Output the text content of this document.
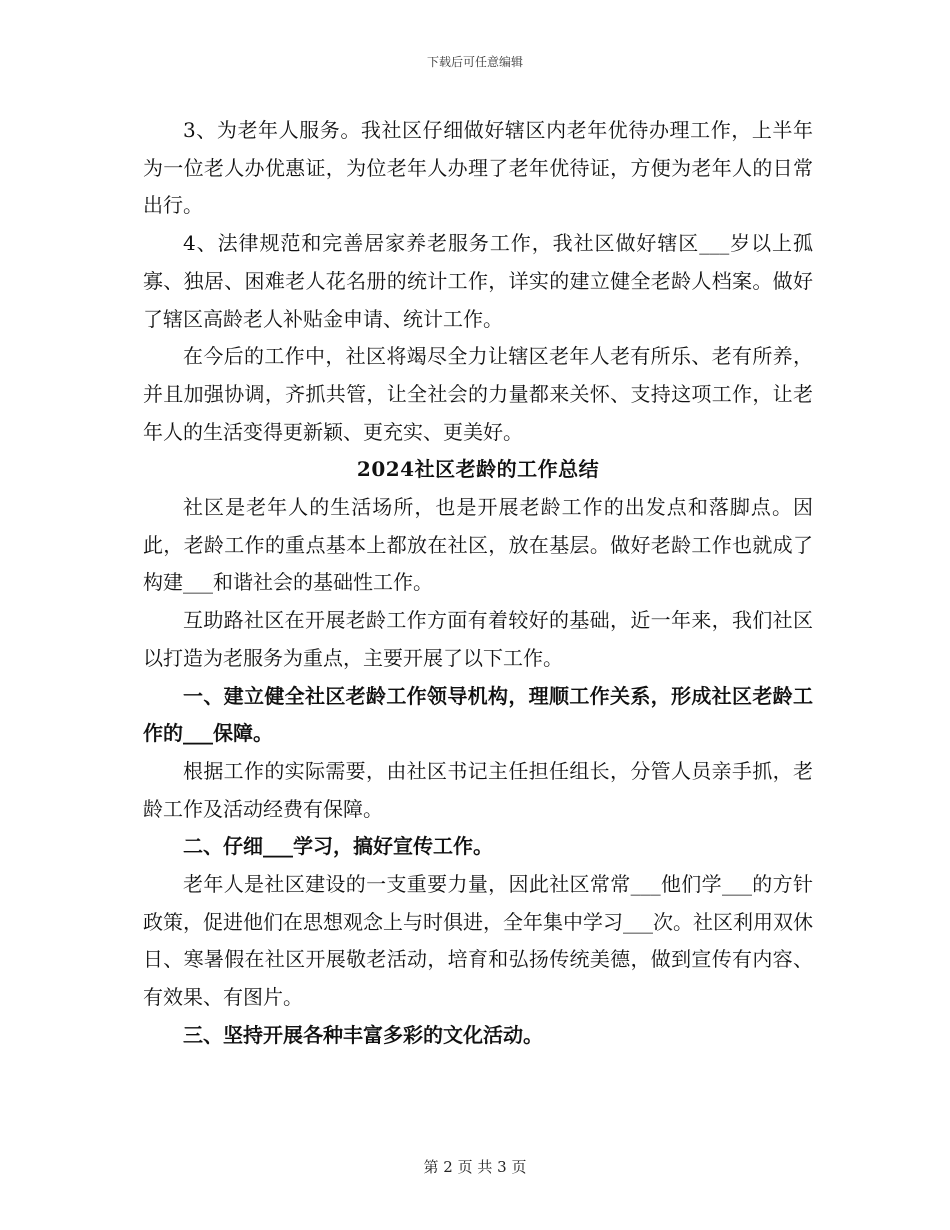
下载后可任意编辑

3、为老年人服务。我社区仔细做好辖区内老年优待办理工作，上半年为一位老人办优惠证，为位老年人办理了老年优待证，方便为老年人的日常出行。

4、法律规范和完善居家养老服务工作，我社区做好辖区___岁以上孤寡、独居、困难老人花名册的统计工作，详实的建立健全老龄人档案。做好了辖区高龄老人补贴金申请、统计工作。

在今后的工作中，社区将竭尽全力让辖区老年人老有所乐、老有所养，并且加强协调，齐抓共管，让全社会的力量都来关怀、支持这项工作，让老年人的生活变得更新颖、更充实、更美好。

2024社区老龄的工作总结

社区是老年人的生活场所，也是开展老龄工作的出发点和落脚点。因此，老龄工作的重点基本上都放在社区，放在基层。做好老龄工作也就成了构建___和谐社会的基础性工作。

互助路社区在开展老龄工作方面有着较好的基础，近一年来，我们社区以打造为老服务为重点，主要开展了以下工作。

一、建立健全社区老龄工作领导机构，理顺工作关系，形成社区老龄工作的___保障。

根据工作的实际需要，由社区书记主任担任组长，分管人员亲手抓，老龄工作及活动经费有保障。

二、仔细___学习，搞好宣传工作。

老年人是社区建设的一支重要力量，因此社区常常___他们学___的方针政策，促进他们在思想观念上与时俱进，全年集中学习___次。社区利用双休日、寒暑假在社区开展敬老活动，培育和弘扬传统美德，做到宣传有内容、有效果、有图片。

三、坚持开展各种丰富多彩的文化活动。

第 2 页 共 3 页
